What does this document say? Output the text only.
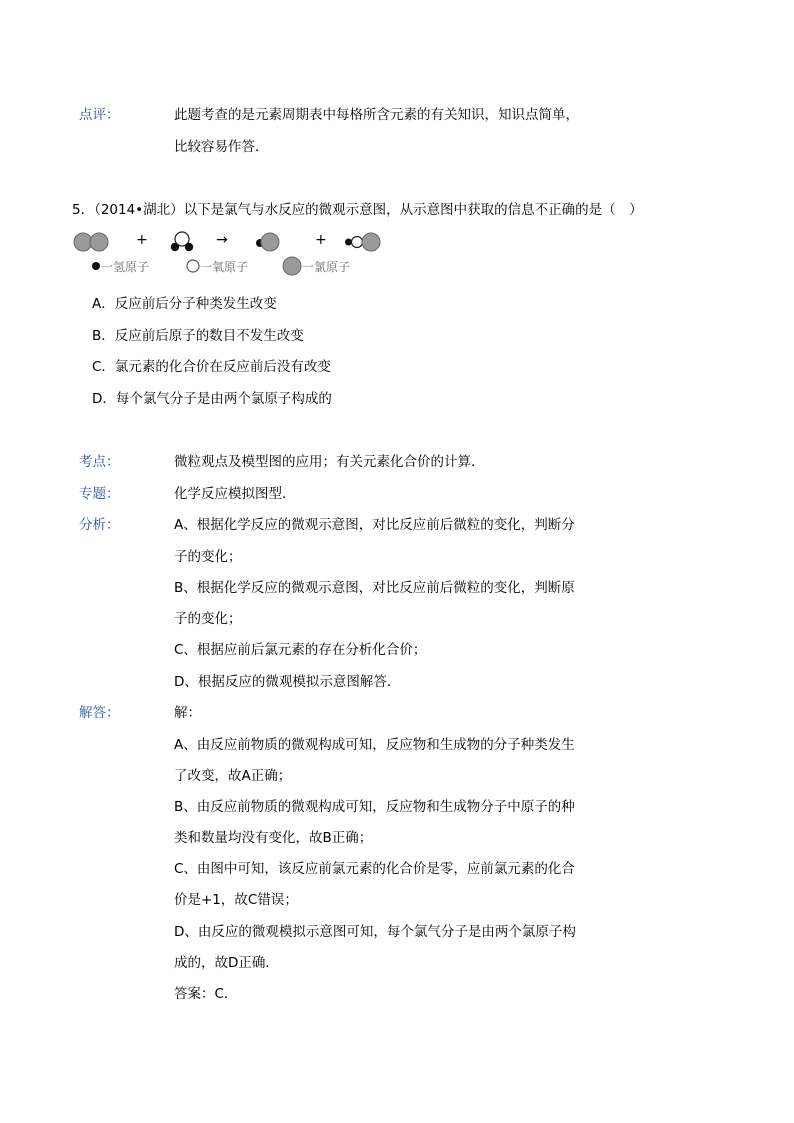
点评：	此题考查的是元素周期表中每格所含元素的有关知识，知识点简单，
比较容易作答．
5．（2014•湖北）以下是氯气与水反应的微观示意图，从示意图中获取的信息不正确的是（　）
+	→	+
一氢原子	一氧原子	一氯原子
A．反应前后分子种类发生改变
B．反应前后原子的数目不发生改变
C．氯元素的化合价在反应前后没有改变
D．每个氯气分子是由两个氯原子构成的
考点：	微粒观点及模型图的应用；有关元素化合价的计算．
专题：	化学反应模拟图型．
分析：	A、根据化学反应的微观示意图，对比反应前后微粒的变化，判断分
子的变化；
B、根据化学反应的微观示意图，对比反应前后微粒的变化，判断原
子的变化；
C、根据应前后氯元素的存在分析化合价；
D、根据反应的微观模拟示意图解答．
解答：	解：
A、由反应前物质的微观构成可知，反应物和生成物的分子种类发生
了改变，故A正确；
B、由反应前物质的微观构成可知，反应物和生成物分子中原子的种
类和数量均没有变化，故B正确；
C、由图中可知，该反应前氯元素的化合价是零，应前氯元素的化合
价是+1，故C错误；
D、由反应的微观模拟示意图可知，每个氯气分子是由两个氯原子构
成的，故D正确．
答案：C．
